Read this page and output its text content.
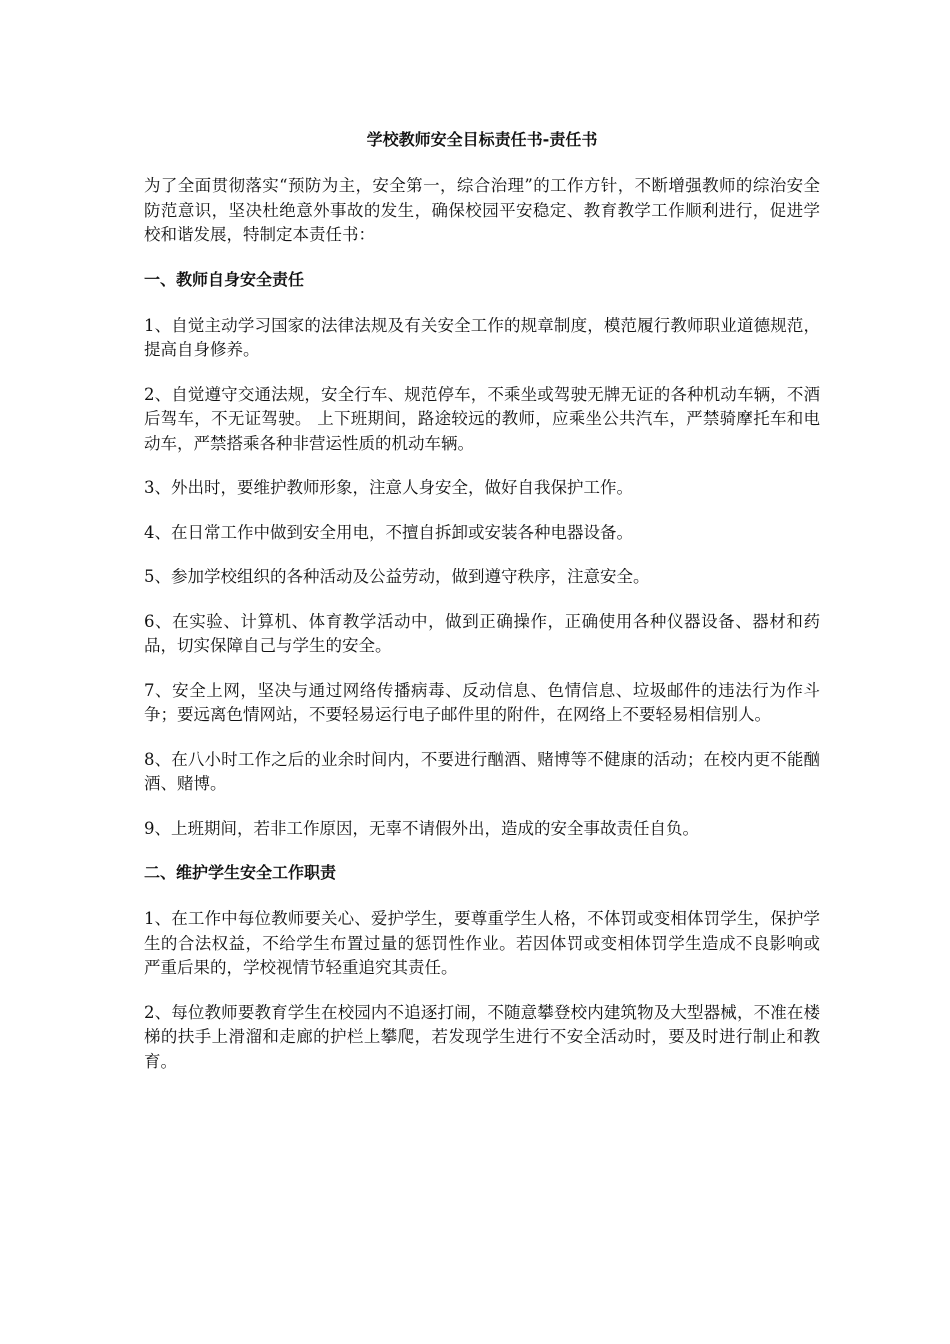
学校教师安全目标责任书-责任书

为了全面贯彻落实“预防为主，安全第一，综合治理”的工作方针，不断增强教师的综治安全防范意识，坚决杜绝意外事故的发生，确保校园平安稳定、教育教学工作顺利进行，促进学校和谐发展，特制定本责任书：

一、教师自身安全责任

1、自觉主动学习国家的法律法规及有关安全工作的规章制度，模范履行教师职业道德规范，提高自身修养。

2、自觉遵守交通法规，安全行车、规范停车，不乘坐或驾驶无牌无证的各种机动车辆，不酒后驾车，不无证驾驶。 上下班期间，路途较远的教师，应乘坐公共汽车，严禁骑摩托车和电动车，严禁搭乘各种非营运性质的机动车辆。

3、外出时，要维护教师形象，注意人身安全，做好自我保护工作。

4、在日常工作中做到安全用电，不擅自拆卸或安装各种电器设备。

5、参加学校组织的各种活动及公益劳动，做到遵守秩序，注意安全。

6、在实验、计算机、体育教学活动中，做到正确操作，正确使用各种仪器设备、器材和药品，切实保障自己与学生的安全。

7、安全上网，坚决与通过网络传播病毒、反动信息、色情信息、垃圾邮件的违法行为作斗争；要远离色情网站，不要轻易运行电子邮件里的附件，在网络上不要轻易相信别人。

8、在八小时工作之后的业余时间内，不要进行酗酒、赌博等不健康的活动；在校内更不能酗酒、赌博。

9、上班期间，若非工作原因，无辜不请假外出，造成的安全事故责任自负。

二、维护学生安全工作职责

1、在工作中每位教师要关心、爱护学生，要尊重学生人格，不体罚或变相体罚学生，保护学生的合法权益，不给学生布置过量的惩罚性作业。若因体罚或变相体罚学生造成不良影响或严重后果的，学校视情节轻重追究其责任。

2、每位教师要教育学生在校园内不追逐打闹，不随意攀登校内建筑物及大型器械，不准在楼梯的扶手上滑溜和走廊的护栏上攀爬，若发现学生进行不安全活动时，要及时进行制止和教育。
